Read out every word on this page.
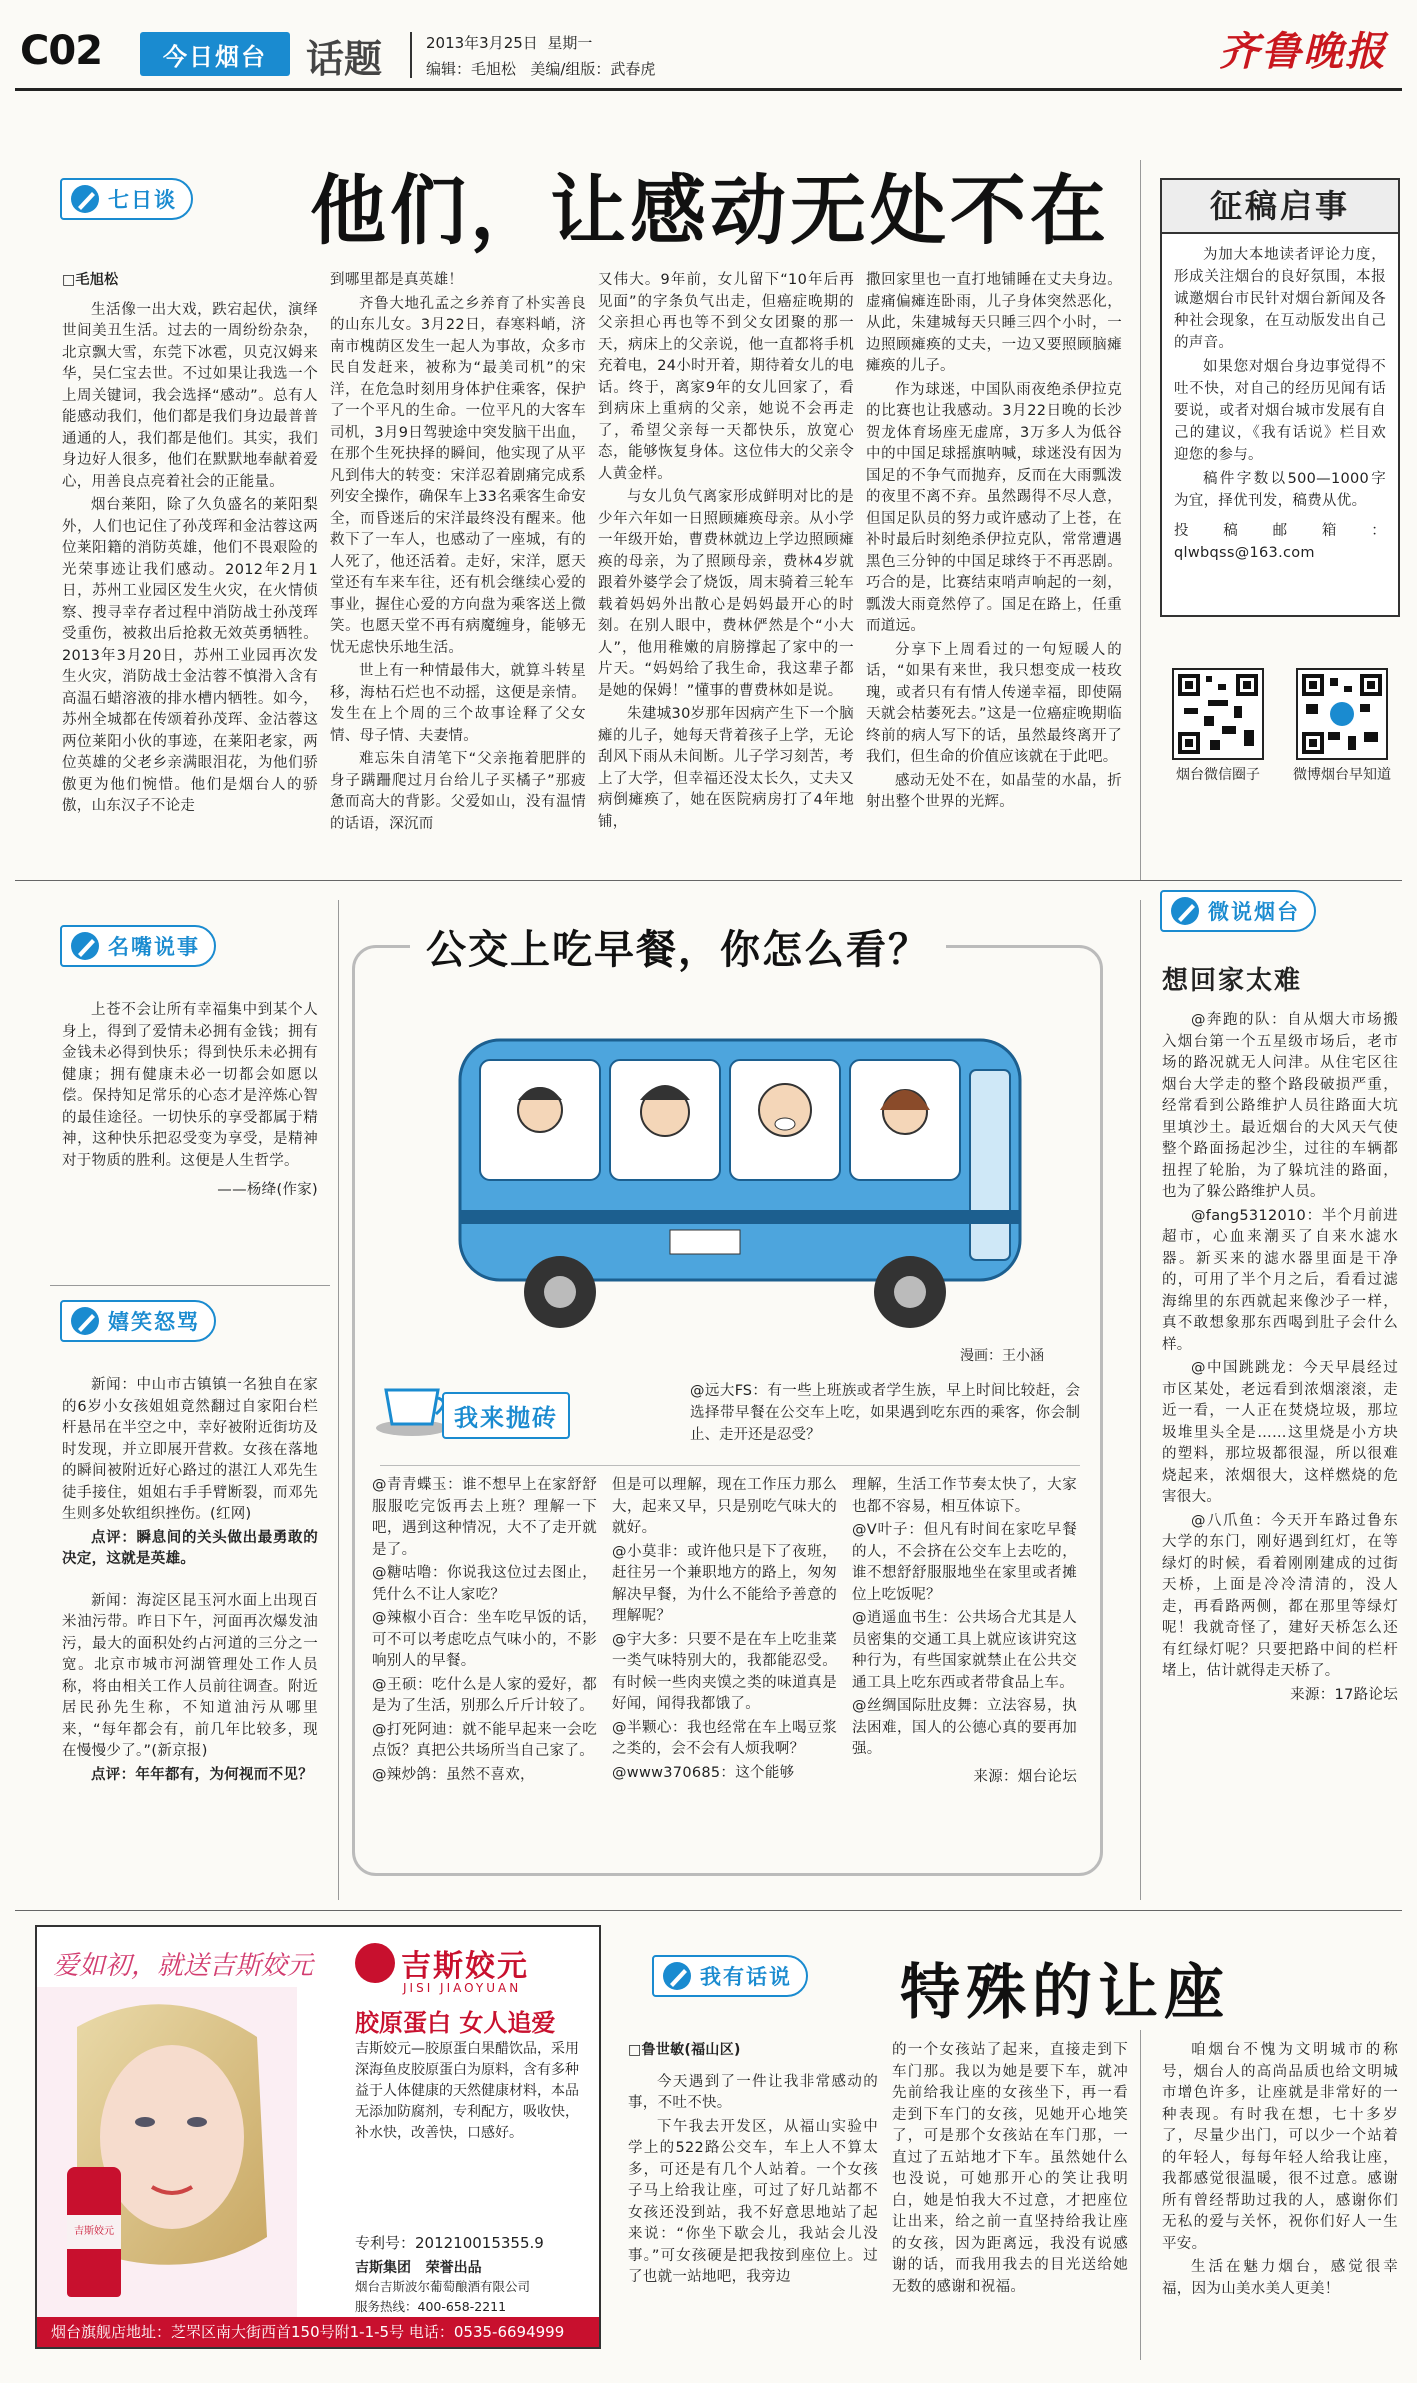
C02	今日烟台	话题	2013年3月25日 星期一
编辑：毛旭松 美编/组版：武春虎	齐鲁晚报
七日谈 他们，让感动无处不在

□毛旭松

生活像一出大戏，跌宕起伏，演绎世间美丑生活。过去的一周纷纷杂杂，北京飘大雪，东莞下冰雹，贝克汉姆来华，吴仁宝去世。不过如果让我选一个上周关键词，我会选择“感动”。总有人能感动我们，他们都是我们身边最普普通通的人，我们都是他们。其实，我们身边好人很多，他们在默默地奉献着爱心，用善良点亮着社会的正能量。

烟台莱阳，除了久负盛名的莱阳梨外，人们也记住了孙茂珲和金沽蓉这两位莱阳籍的消防英雄，他们不畏艰险的光荣事迹让我们感动。2012年2月1日，苏州工业园区发生火灾，在火情侦察、搜寻幸存者过程中消防战士孙茂珲受重伤，被救出后抢救无效英勇牺牲。2013年3月20日，苏州工业园再次发生火灾，消防战士金沽蓉不慎滑入含有高温石蜡溶液的排水槽内牺牲。如今，苏州全城都在传颂着孙茂珲、金沽蓉这两位莱阳小伙的事迹，在莱阳老家，两位英雄的父老乡亲满眼泪花，为他们骄傲更为他们惋惜。他们是烟台人的骄傲，山东汉子不论走

到哪里都是真英雄！

齐鲁大地孔孟之乡养育了朴实善良的山东儿女。3月22日，春寒料峭，济南市槐荫区发生一起人为事故，众多市民自发赶来，被称为“最美司机”的宋洋，在危急时刻用身体护住乘客，保护了一个平凡的生命。一位平凡的大客车司机，3月9日驾驶途中突发脑干出血，在那个生死抉择的瞬间，他实现了从平凡到伟大的转变：宋洋忍着剧痛完成系列安全操作，确保车上33名乘客生命安全，而昏迷后的宋洋最终没有醒来。他救下了一车人，也感动了一座城，有的人死了，他还活着。走好，宋洋，愿天堂还有车来车往，还有机会继续心爱的事业，握住心爱的方向盘为乘客送上微笑。也愿天堂不再有病魔缠身，能够无忧无虑快乐地生活。

世上有一种情最伟大，就算斗转星移，海枯石烂也不动摇，这便是亲情。发生在上个周的三个故事诠释了父女情、母子情、夫妻情。

难忘朱自清笔下“父亲拖着肥胖的身子蹒跚爬过月台给儿子买橘子”那疲惫而高大的背影。父爱如山，没有温情的话语，深沉而

又伟大。9年前，女儿留下“10年后再见面”的字条负气出走，但癌症晚期的父亲担心再也等不到父女团聚的那一天，病床上的父亲说，他一直都将手机充着电，24小时开着，期待着女儿的电话。终于，离家9年的女儿回家了，看到病床上重病的父亲，她说不会再走了，希望父亲每一天都快乐，放宽心态，能够恢复身体。这位伟大的父亲令人黄金样。

与女儿负气离家形成鲜明对比的是少年六年如一日照顾瘫痪母亲。从小学一年级开始，曹费林就边上学边照顾瘫痪的母亲，为了照顾母亲，费林4岁就跟着外婆学会了烧饭，周末骑着三轮车载着妈妈外出散心是妈妈最开心的时刻。在别人眼中，费林俨然是个“小大人”，他用稚嫩的肩膀撑起了家中的一片天。“妈妈给了我生命，我这辈子都是她的保姆！”懂事的曹费林如是说。

朱建城30岁那年因病产生下一个脑瘫的儿子，她每天背着孩子上学，无论刮风下雨从未间断。儿子学习刻苦，考上了大学，但幸福还没太长久，丈夫又病倒瘫痪了，她在医院病房打了4年地铺，

撒回家里也一直打地铺睡在丈夫身边。虚痛偏瘫连卧雨，儿子身体突然恶化，从此，朱建城每天只睡三四个小时，一边照顾瘫痪的丈夫，一边又要照顾脑瘫瘫痪的儿子。

作为球迷，中国队雨夜绝杀伊拉克的比赛也让我感动。3月22日晚的长沙贺龙体育场座无虚席，3万多人为低谷中的中国足球摇旗呐喊，球迷没有因为国足的不争气而抛弃，反而在大雨瓢泼的夜里不离不弃。虽然踢得不尽人意，但国足队员的努力或许感动了上苍，在补时最后时刻绝杀伊拉克队，常常遭遇黑色三分钟的中国足球终于不再恶剧。巧合的是，比赛结束哨声响起的一刻，瓢泼大雨竟然停了。国足在路上，任重而道远。

分享下上周看过的一句短暖人的话，“如果有来世，我只想变成一枝玫瑰，或者只有有情人传递幸福，即使隔天就会枯萎死去。”这是一位癌症晚期临终前的病人写下的话，虽然最终离开了我们，但生命的价值应该就在于此吧。

感动无处不在，如晶莹的水晶，折射出整个世界的光辉。

征稿启事

为加大本地读者评论力度，形成关注烟台的良好氛围，本报诚邀烟台市民针对烟台新闻及各种社会现象，在互动版发出自己的声音。

如果您对烟台身边事觉得不吐不快，对自己的经历见闻有话要说，或者对烟台城市发展有自己的建议，《我有话说》栏目欢迎您的参与。

稿件字数以500—1000字为宜，择优刊发，稿费从优。

投稿邮箱：qlwbqss@163.com

烟台微信圈子	微博烟台早知道
名嘴说事

上苍不会让所有幸福集中到某个人身上，得到了爱情未必拥有金钱；拥有金钱未必得到快乐；得到快乐未必拥有健康；拥有健康未必一切都会如愿以偿。保持知足常乐的心态才是淬炼心智的最佳途径。一切快乐的享受都属于精神，这种快乐把忍受变为享受，是精神对于物质的胜利。这便是人生哲学。

——杨绛(作家)

嬉笑怒骂

新闻：中山市古镇镇一名独自在家的6岁小女孩姐姐竟然翻过自家阳台栏杆悬吊在半空之中，幸好被附近街坊及时发现，并立即展开营救。女孩在落地的瞬间被附近好心路过的湛江人邓先生徒手接住，姐姐右手手臂断裂，而邓先生则多处软组织挫伤。(红网)

点评：瞬息间的关头做出最勇敢的决定，这就是英雄。

新闻：海淀区昆玉河水面上出现百米油污带。昨日下午，河面再次爆发油污，最大的面积处约占河道的三分之一宽。北京市城市河湖管理处工作人员称，将由相关工作人员前往调查。附近居民孙先生称，不知道油污从哪里来，“每年都会有，前几年比较多，现在慢慢少了。”(新京报)

点评：年年都有，为何视而不见？

公交上吃早餐，你怎么看？
漫画：王小涵
我来抛砖
@远大FS：有一些上班族或者学生族，早上时间比较赶，会选择带早餐在公交车上吃，如果遇到吃东西的乘客，你会制止、走开还是忍受？

@青青蝶玉：谁不想早上在家舒舒服服吃完饭再去上班？理解一下吧，遇到这种情况，大不了走开就是了。

@糖咕噜：你说我这位过去图止，凭什么不让人家吃？

@辣椒小百合：坐车吃早饭的话，可不可以考虑吃点气味小的，不影响别人的早餐。

@王硕：吃什么是人家的爱好，都是为了生活，别那么斤斤计较了。

@打死阿迪：就不能早起来一会吃点饭？真把公共场所当自己家了。

@辣炒鸽：虽然不喜欢，

但是可以理解，现在工作压力那么大，起来又早，只是别吃气味大的就好。

@小莫非：或许他只是下了夜班，赶往另一个兼职地方的路上，匆匆解决早餐，为什么不能给予善意的理解呢？

@宇大多：只要不是在车上吃韭菜一类气味特别大的，我都能忍受。有时候一些肉夹馍之类的味道真是好闻，闻得我都饿了。

@半颗心：我也经常在车上喝豆浆之类的，会不会有人烦我啊？

@www370685：这个能够

理解，生活工作节奏太快了，大家也都不容易，相互体谅下。

@V叶子：但凡有时间在家吃早餐的人，不会挤在公交车上去吃的，谁不想舒舒服服地坐在家里或者摊位上吃饭呢？

@逍遥血书生：公共场合尤其是人员密集的交通工具上就应该讲究这种行为，有些国家就禁止在公共交通工具上吃东西或者带食品上车。

@丝绸国际肚皮舞：立法容易，执法困难，国人的公德心真的要再加强。

来源：烟台论坛

微说烟台
想回家太难

@奔跑的队：自从烟大市场搬入烟台第一个五星级市场后，老市场的路况就无人问津。从住宅区往烟台大学走的整个路段破损严重，经常看到公路维护人员往路面大坑里填沙土。最近烟台的大风天气使整个路面扬起沙尘，过往的车辆都扭捏了轮胎，为了躲坑洼的路面，也为了躲公路维护人员。

@fang5312010：半个月前进超市，心血来潮买了自来水滤水器。新买来的滤水器里面是干净的，可用了半个月之后，看看过滤海绵里的东西就起来像沙子一样，真不敢想象那东西喝到肚子会什么样。

@中国跳跳龙：今天早晨经过市区某处，老远看到浓烟滚滚，走近一看，一人正在焚烧垃圾，那垃圾堆里头全是……这里烧是小方块的塑料，那垃圾都很湿，所以很难烧起来，浓烟很大，这样燃烧的危害很大。

@八爪鱼：今天开车路过鲁东大学的东门，刚好遇到红灯，在等绿灯的时候，看着刚刚建成的过街天桥，上面是冷冷清清的，没人走，再看路两侧，都在那里等绿灯呢！我就奇怪了，建好天桥怎么还有红绿灯呢？只要把路中间的栏杆堵上，估计就得走天桥了。

来源：17路论坛

爱如初，就送吉斯姣元	吉斯姣元
JISI JIAOYUAN
胶原蛋白 女人追爱
吉斯姣元
吉斯姣元—胶原蛋白果醋饮品，采用深海鱼皮胶原蛋白为原料，含有多种益于人体健康的天然健康材料，本品无添加防腐剂，专利配方，吸收快，补水快，改善快，口感好。
专利号：201210015355.9
吉斯集团 荣誉出品
烟台吉斯波尔葡萄酿酒有限公司
服务热线：400-658-2211
烟台旗舰店地址：芝罘区南大街西首150号附1-1-5号 电话：0535-6694999
我有话说 特殊的让座

□鲁世敏(福山区)

今天遇到了一件让我非常感动的事，不吐不快。

下午我去开发区，从福山实验中学上的522路公交车，车上人不算太多，可还是有几个人站着。一个女孩子马上给我让座，可过了好几站都不女孩还没到站，我不好意思地站了起来说：“你坐下歇会儿，我站会儿没事。”可女孩硬是把我按到座位上。过了也就一站地吧，我旁边

的一个女孩站了起来，直接走到下车门那。我以为她是要下车，就冲先前给我让座的女孩坐下，再一看走到下车门的女孩，见她开心地笑了，可是那个女孩站在车门那，一直过了五站地才下车。虽然她什么也没说，可她那开心的笑让我明白，她是怕我大不过意，才把座位让出来，给之前一直坚持给我让座的女孩，因为距离远，我没有说感谢的话，而我用我去的目光送给她无数的感谢和祝福。

咱烟台不愧为文明城市的称号，烟台人的高尚品质也给文明城市增色许多，让座就是非常好的一种表现。有时我在想，七十多岁了，尽量少出门，可以少一个站着的年轻人，每每年轻人给我让座，我都感觉很温暖，很不过意。感谢所有曾经帮助过我的人，感谢你们无私的爱与关怀，祝你们好人一生平安。

生活在魅力烟台，感觉很幸福，因为山美水美人更美！
